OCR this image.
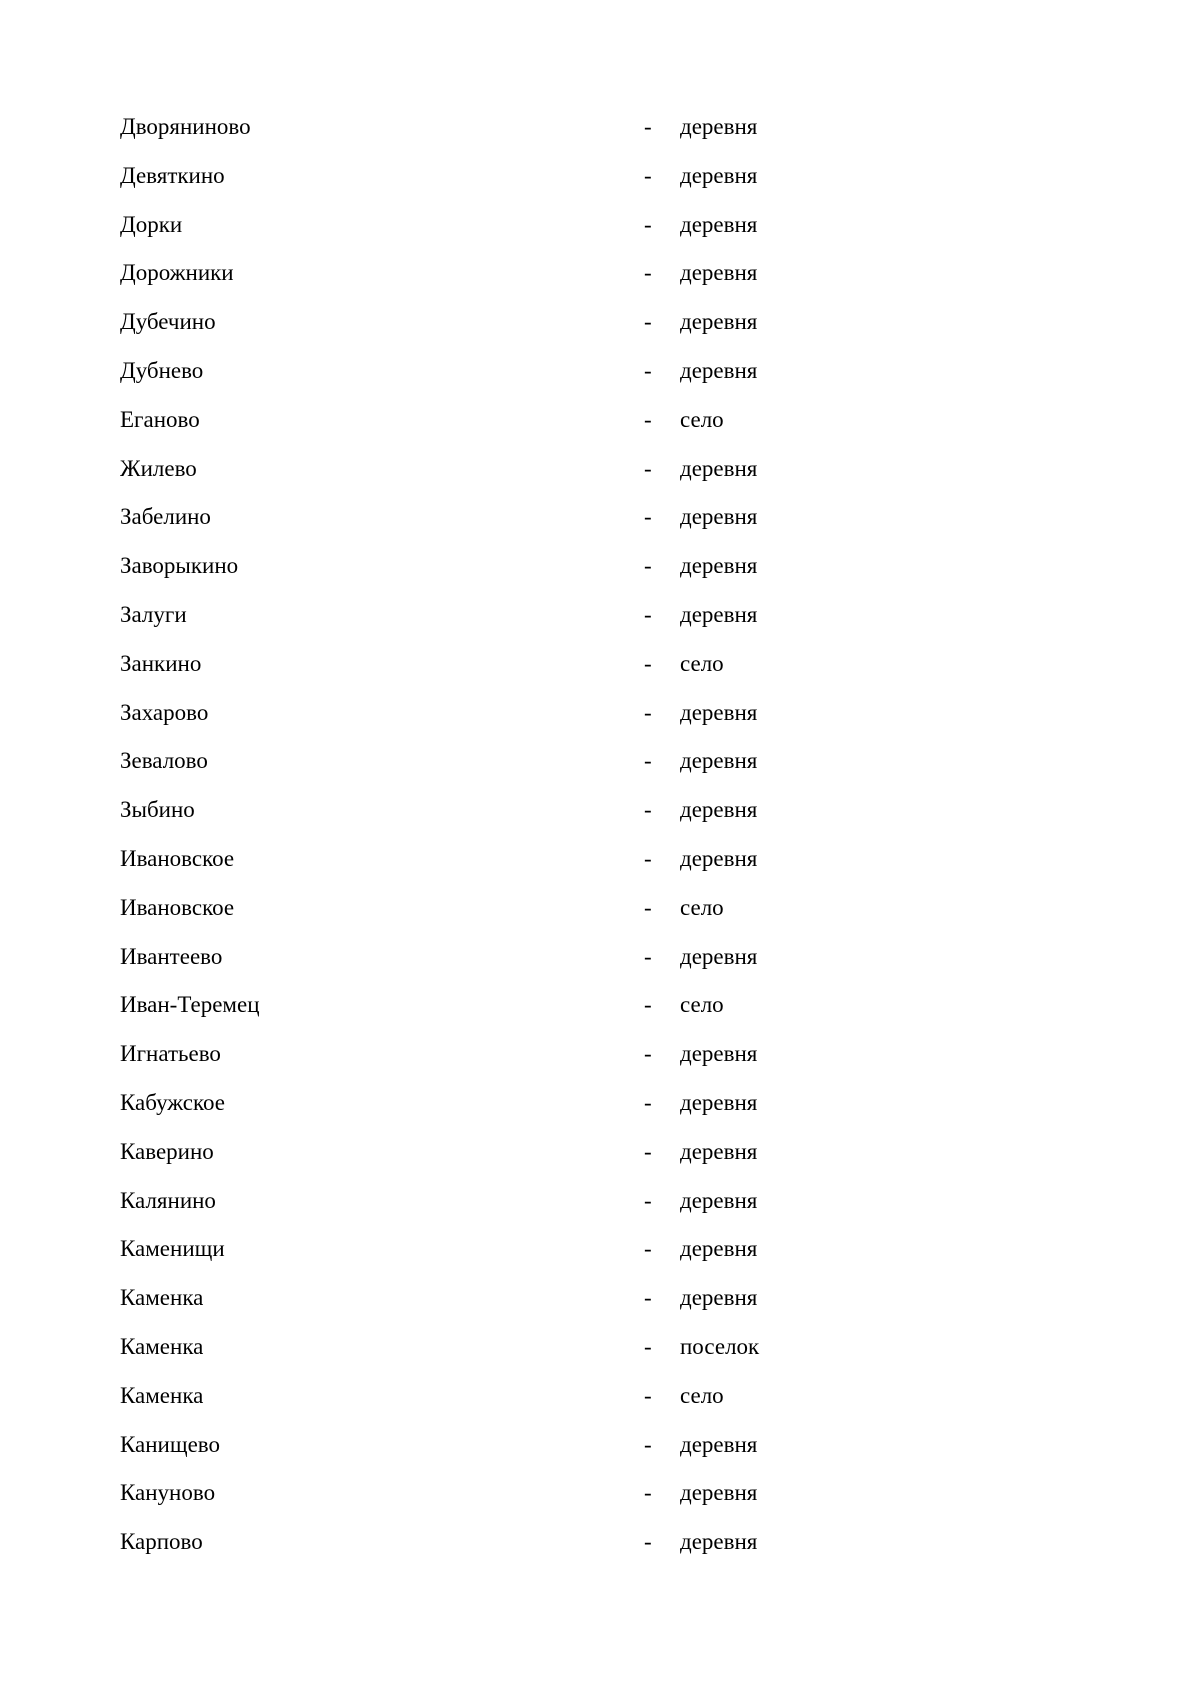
Дворяниново	- деревня
Девяткино	- деревня
Дорки	- деревня
Дорожники	- деревня
Дубечино	- деревня
Дубнево	- деревня
Еганово	- село
Жилево	- деревня
Забелино	- деревня
Заворыкино	- деревня
Залуги	- деревня
Занкино	- село
Захарово	- деревня
Зевалово	- деревня
Зыбино	- деревня
Ивановское	- деревня
Ивановское	- село
Ивантеево	- деревня
Иван-Теремец	- село
Игнатьево	- деревня
Кабужское	- деревня
Каверино	- деревня
Калянино	- деревня
Каменищи	- деревня
Каменка	- деревня
Каменка	- поселок
Каменка	- село
Канищево	- деревня
Кануново	- деревня
Карпово	- деревня
